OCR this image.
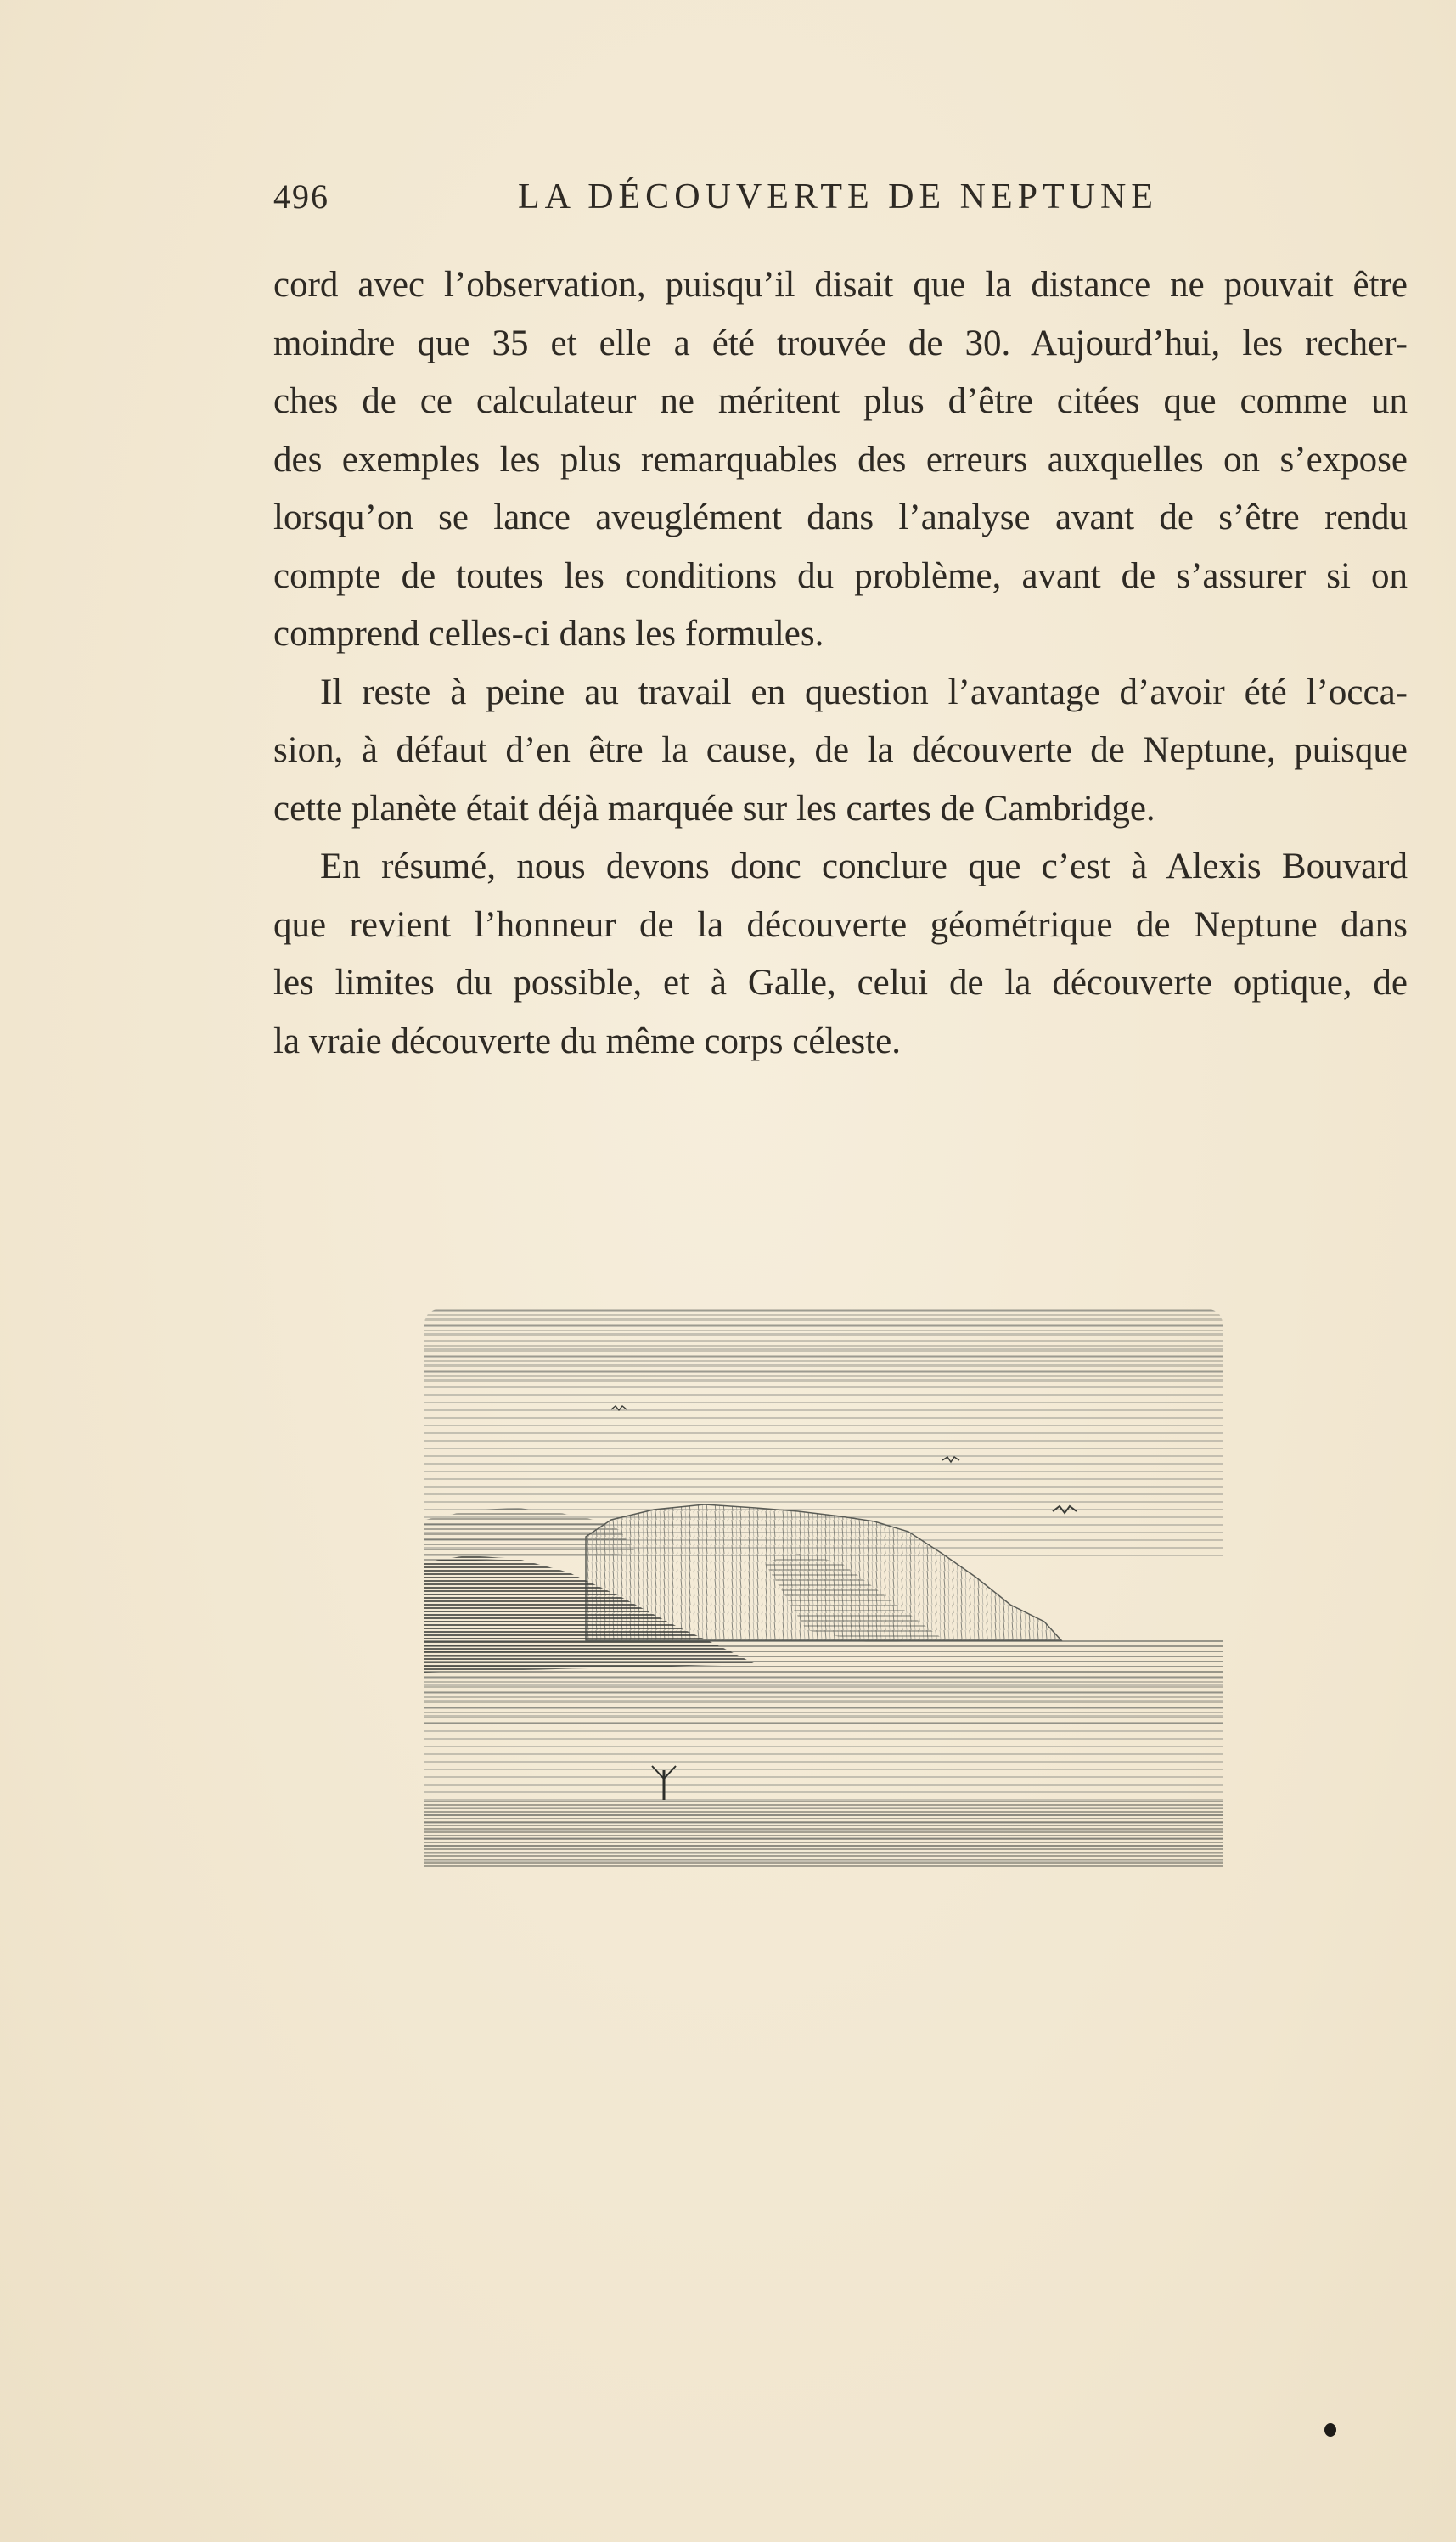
496	LA DÉCOUVERTE DE NEPTUNE
cord avec l’observation, puisqu’il disait que la distance ne pouvait être
moindre que 35 et elle a été trouvée de 30. Aujourd’hui, les recher-
ches de ce calculateur ne méritent plus d’être citées que comme un
des exemples les plus remarquables des erreurs auxquelles on s’expose
lorsqu’on se lance aveuglément dans l’analyse avant de s’être rendu
compte de toutes les conditions du problème, avant de s’assurer si on
comprend celles-ci dans les formules.
Il reste à peine au travail en question l’avantage d’avoir été l’occa-
sion, à défaut d’en être la cause, de la découverte de Neptune, puisque
cette planète était déjà marquée sur les cartes de Cambridge.
En résumé, nous devons donc conclure que c’est à Alexis Bouvard
que revient l’honneur de la découverte géométrique de Neptune dans
les limites du possible, et à Galle, celui de la découverte optique, de
la vraie découverte du même corps céleste.
